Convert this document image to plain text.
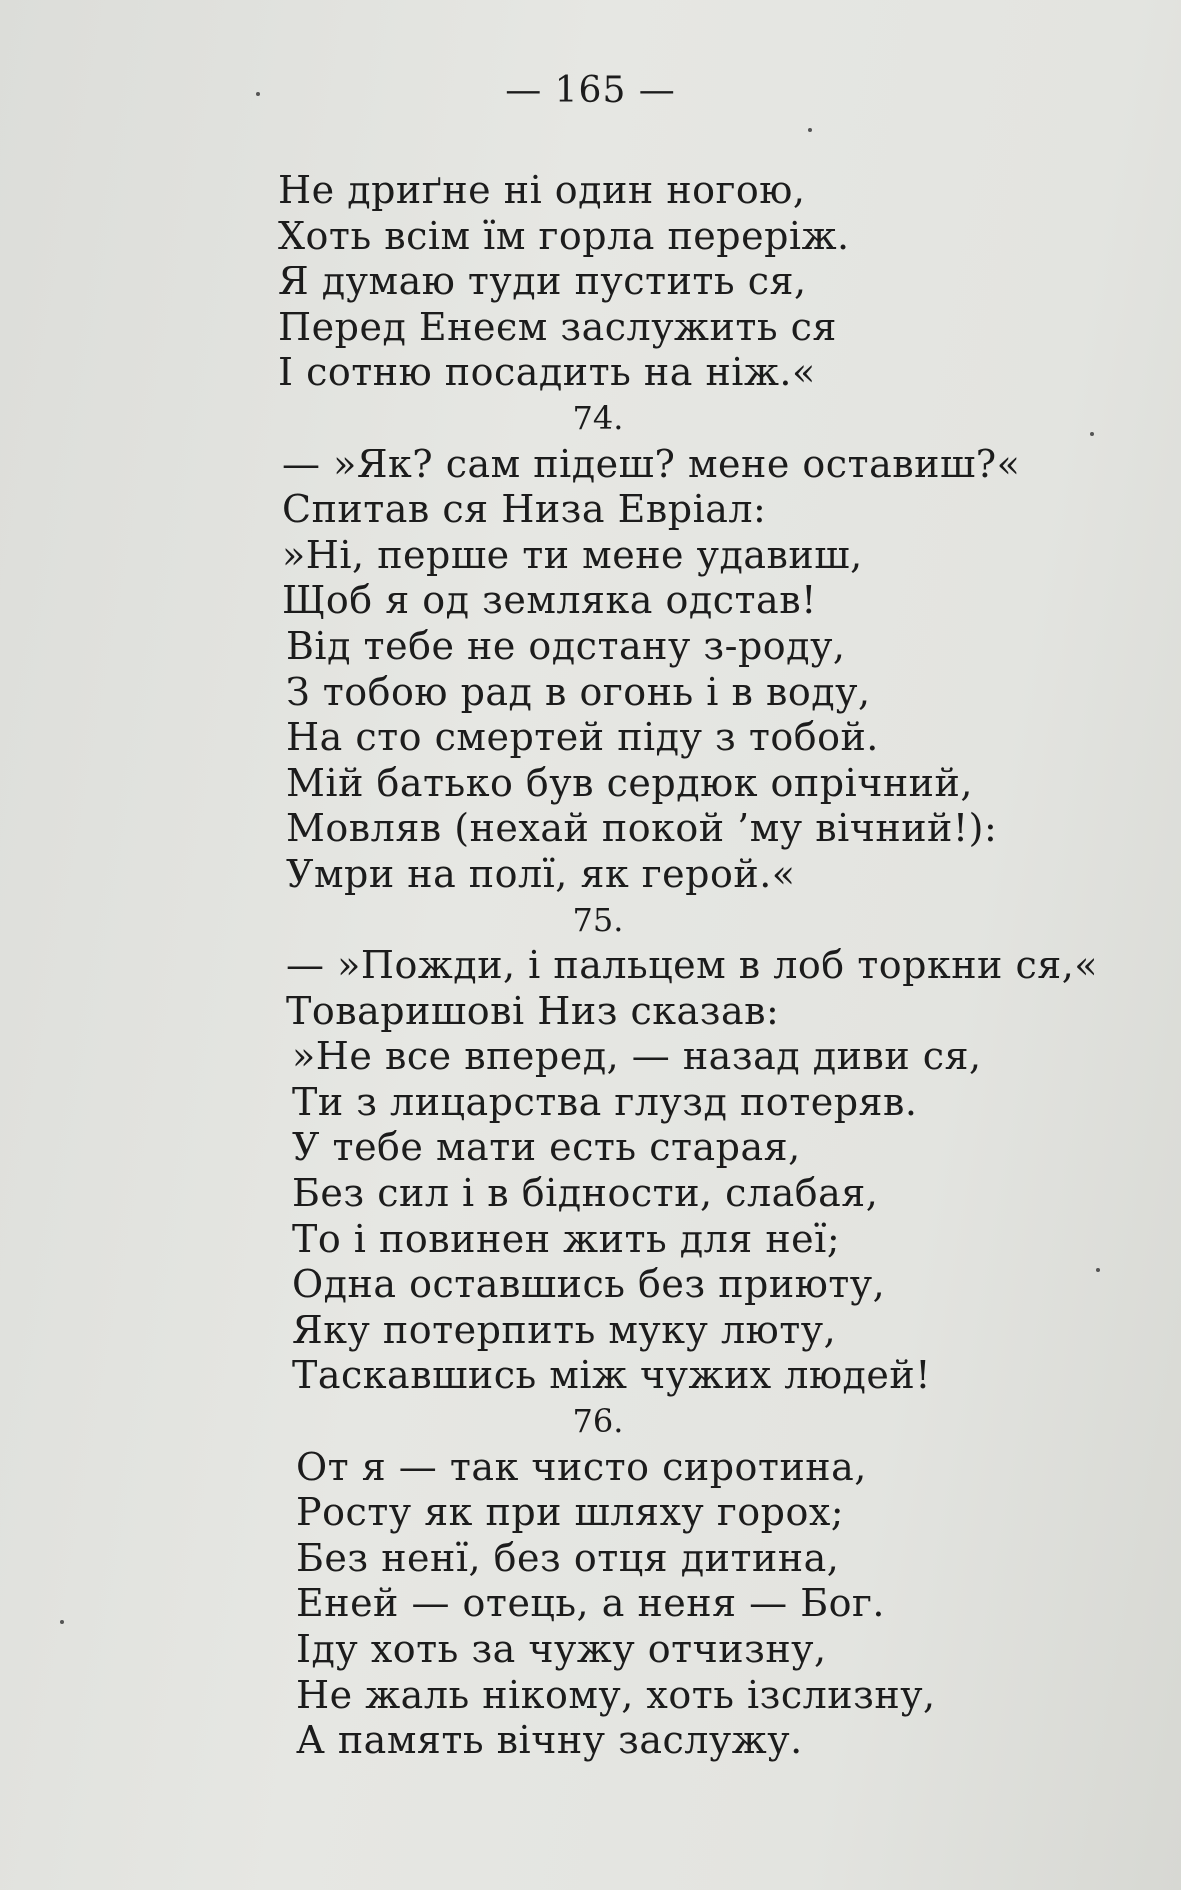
— 165 —
Не дриґне ні один ногою,
Хоть всім їм горла переріж.
Я думаю туди пустить ся,
Перед Енеєм заслужить ся
І сотню посадить на ніж.«
74.
— »Як? сам підеш? мене оставиш?«
Спитав ся Низа Евріал:
»Ні, перше ти мене удавиш,
Щоб я од земляка одстав!
Від тебе не одстану з-роду,
З тобою рад в огонь і в воду,
На сто смертей піду з тобой.
Мій батько був сердюк опрічний,
Мовляв (нехай покой ’му вічний!):
Умри на полї, як герой.«
75.
— »Пожди, і пальцем в лоб торкни ся,«
Товаришові Низ сказав:
»Не все вперед, — назад диви ся,
Ти з лицарства глузд потеряв.
У тебе мати есть старая,
Без сил і в бідности, слабая,
То і повинен жить для неї;
Одна оставшись без приюту,
Яку потерпить муку люту,
Таскавшись між чужих людей!
76.
От я — так чисто сиротина,
Росту як при шляху горох;
Без ненї, без отця дитина,
Еней — отець, а неня — Бог.
Іду хоть за чужу отчизну,
Не жаль нікому, хоть ізслизну,
А память вічну заслужу.
